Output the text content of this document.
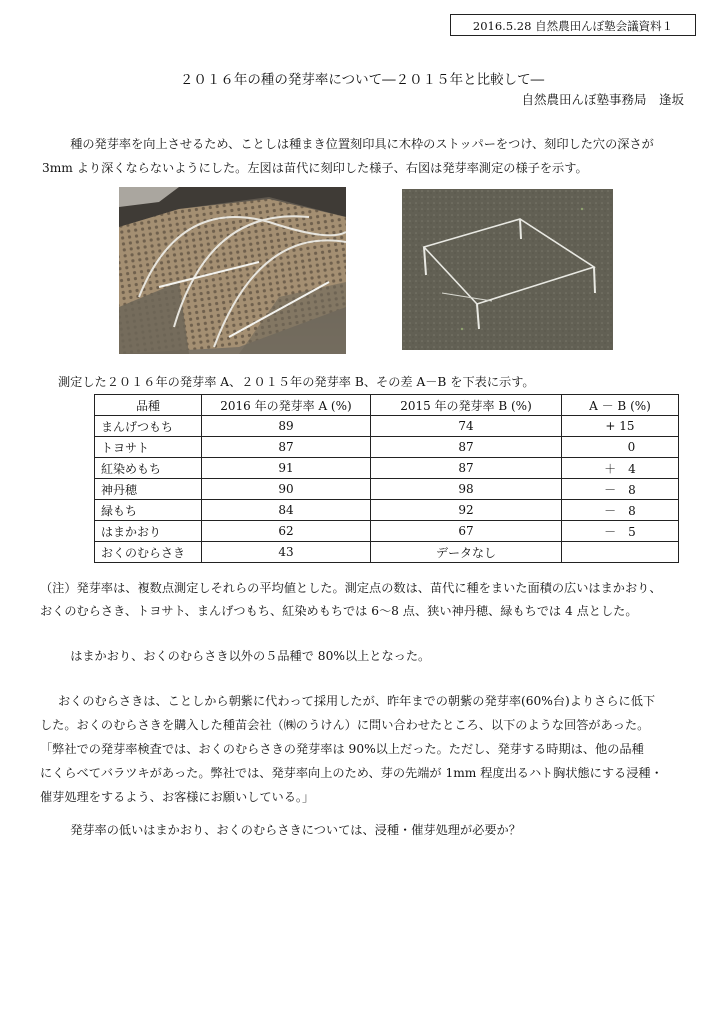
2016.5.28 自然農田んぼ塾会議資料１
２０１６年の種の発芽率について―２０１５年と比較して―
自然農田んぼ塾事務局　逢坂
種の発芽率を向上させるため、ことしは種まき位置刻印具に木枠のストッパーをつけ、刻印した穴の深さが
3mm より深くならないようにした。左図は苗代に刻印した様子、右図は発芽率測定の様子を示す。
測定した２０１６年の発芽率 A、２０１５年の発芽率 B、その差 A－B を下表に示す。
品種	2016 年の発芽率 A (%)	2015 年の発芽率 B (%)	A － B (%)
まんげつもち	89	74	+ 15
トヨサト	87	87	0
紅染めもち	91	87	＋　4
神丹穂	90	98	－　8
緑もち	84	92	－　8
はまかおり	62	67	－　5
おくのむらさき	43	データなし	
（注）発芽率は、複数点測定しそれらの平均値とした。測定点の数は、苗代に種をまいた面積の広いはまかおり、
おくのむらさき、トヨサト、まんげつもち、紅染めもちでは 6～8 点、狭い神丹穂、緑もちでは 4 点とした。
はまかおり、おくのむらさき以外の５品種で 80%以上となった。
おくのむらさきは、ことしから朝紫に代わって採用したが、昨年までの朝紫の発芽率(60%台)よりさらに低下
した。おくのむらさきを購入した種苗会社（㈱のうけん）に問い合わせたところ、以下のような回答があった。
「弊社での発芽率検査では、おくのむらさきの発芽率は 90%以上だった。ただし、発芽する時期は、他の品種
にくらべてバラツキがあった。弊社では、発芽率向上のため、芽の先端が 1mm 程度出るハト胸状態にする浸種・
催芽処理をするよう、お客様にお願いしている。」
発芽率の低いはまかおり、おくのむらさきについては、浸種・催芽処理が必要か？
